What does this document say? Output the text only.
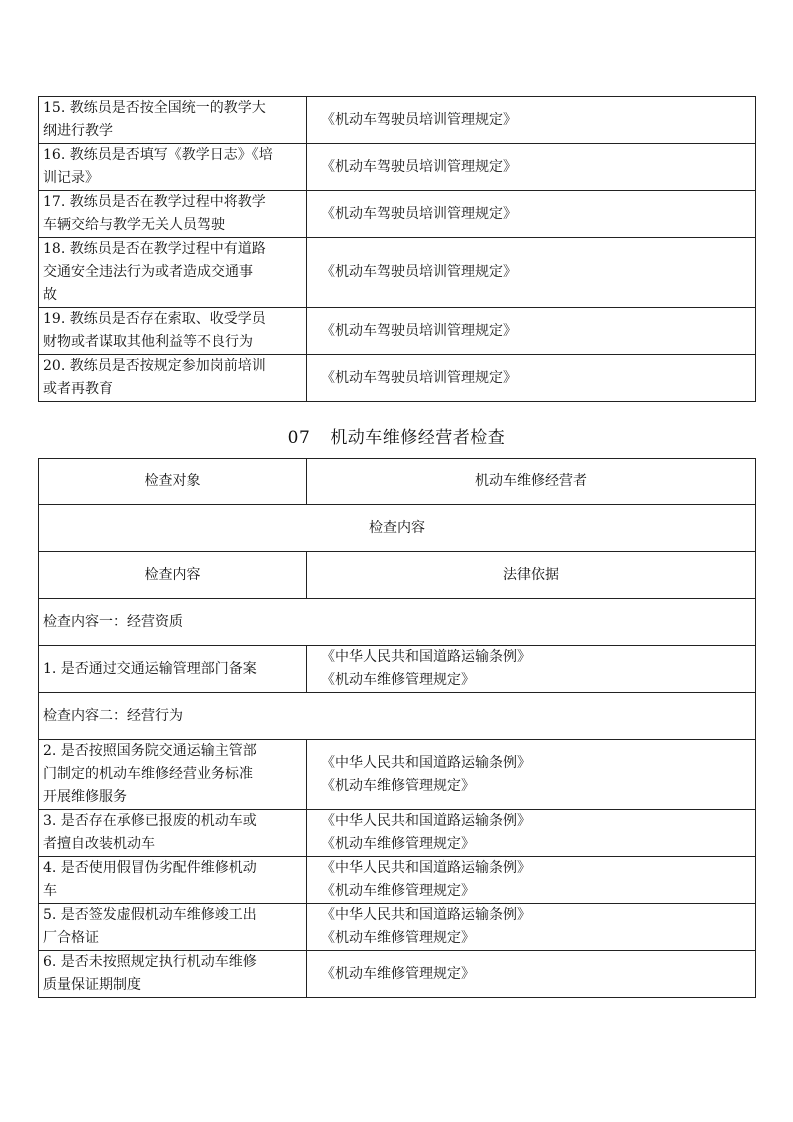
15. 教练员是否按全国统一的教学大
纲进行教学	《机动车驾驶员培训管理规定》

16. 教练员是否填写《教学日志》《培
训记录》	《机动车驾驶员培训管理规定》

17. 教练员是否在教学过程中将教学
车辆交给与教学无关人员驾驶	《机动车驾驶员培训管理规定》

18. 教练员是否在教学过程中有道路
交通安全违法行为或者造成交通事
故	《机动车驾驶员培训管理规定》

19. 教练员是否存在索取、收受学员
财物或者谋取其他利益等不良行为	《机动车驾驶员培训管理规定》

20. 教练员是否按规定参加岗前培训
或者再教育	《机动车驾驶员培训管理规定》
07 机动车维修经营者检查
检查对象	机动车维修经营者
检查内容	
检查内容	法律依据
检查内容一：经营资质	

1. 是否通过交通运输管理部门备案	《中华人民共和国道路运输条例》
《机动车维修管理规定》

检查内容二：经营行为	

2. 是否按照国务院交通运输主管部
门制定的机动车维修经营业务标准
开展维修服务	《中华人民共和国道路运输条例》
《机动车维修管理规定》

3. 是否存在承修已报废的机动车或
者擅自改装机动车	《中华人民共和国道路运输条例》
《机动车维修管理规定》

4. 是否使用假冒伪劣配件维修机动
车	《中华人民共和国道路运输条例》
《机动车维修管理规定》

5. 是否签发虚假机动车维修竣工出
厂合格证	《中华人民共和国道路运输条例》
《机动车维修管理规定》

6. 是否未按照规定执行机动车维修
质量保证期制度	《机动车维修管理规定》
